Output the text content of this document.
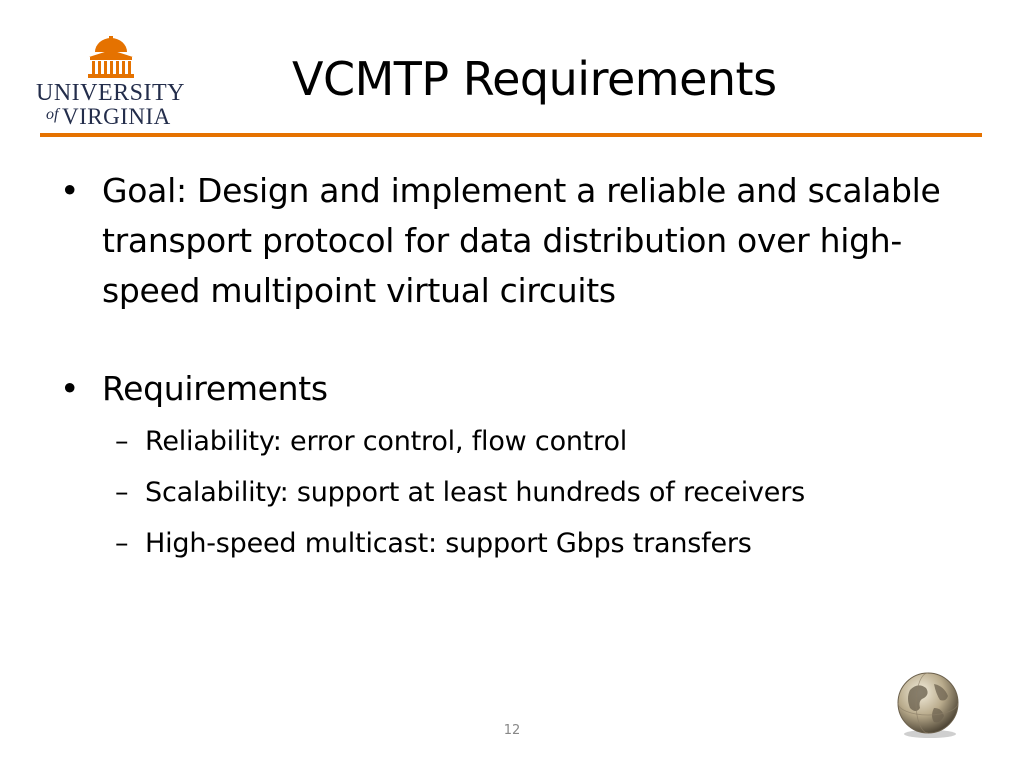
UNIVERSITY
of VIRGINIA
VCMTP Requirements
• Goal: Design and implement a reliable and scalable transport protocol for data distribution over high-speed multipoint virtual circuits
• Requirements
– Reliability: error control, flow control
– Scalability: support at least hundreds of receivers
– High-speed multicast: support Gbps transfers
12
